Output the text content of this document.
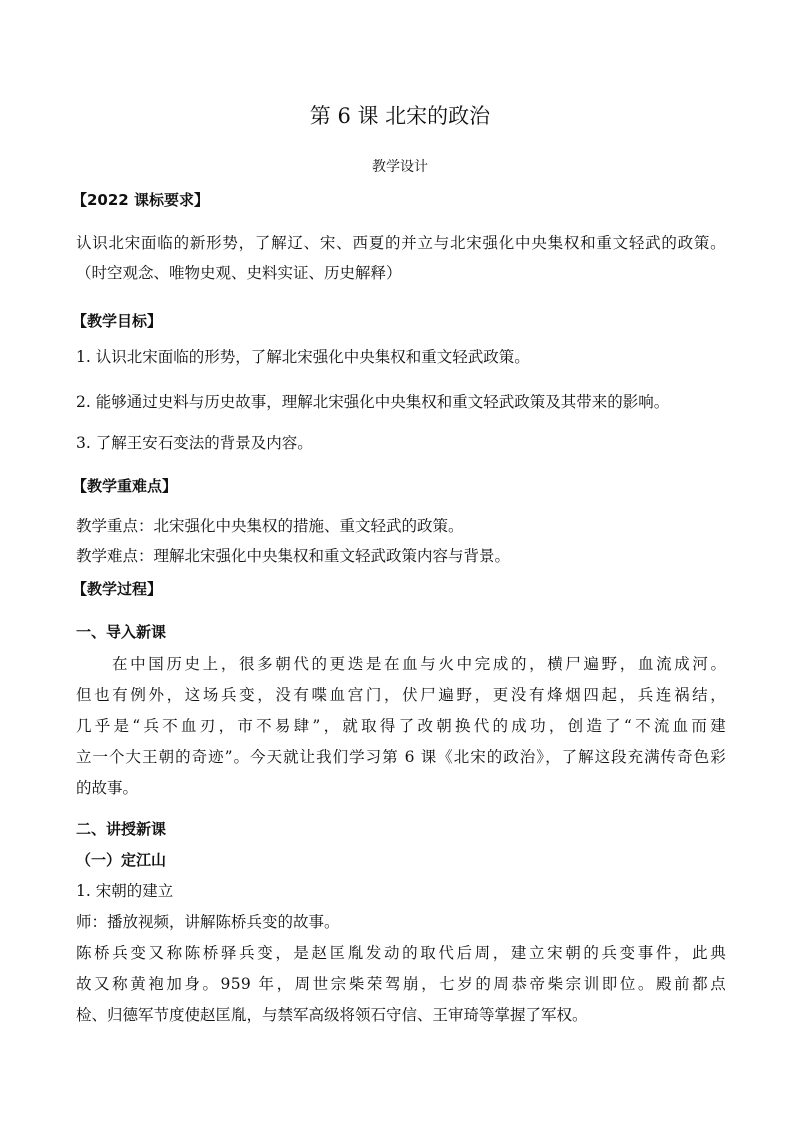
第 6 课 北宋的政治
教学设计
【2022 课标要求】
认识北宋面临的新形势，了解辽、宋、西夏的并立与北宋强化中央集权和重文轻武的政策。
（时空观念、唯物史观、史料实证、历史解释）
【教学目标】
1. 认识北宋面临的形势，了解北宋强化中央集权和重文轻武政策。
2. 能够通过史料与历史故事，理解北宋强化中央集权和重文轻武政策及其带来的影响。
3. 了解王安石变法的背景及内容。
【教学重难点】
教学重点：北宋强化中央集权的措施、重文轻武的政策。
教学难点：理解北宋强化中央集权和重文轻武政策内容与背景。
【教学过程】
一、导入新课
在中国历史上，很多朝代的更迭是在血与火中完成的，横尸遍野，血流成河。
但也有例外，这场兵变，没有喋血宫门，伏尸遍野，更没有烽烟四起，兵连祸结，
几乎是“兵不血刃，市不易肆”，就取得了改朝换代的成功，创造了“不流血而建
立一个大王朝的奇迹”。今天就让我们学习第 6 课《北宋的政治》，了解这段充满传奇色彩
的故事。
二、讲授新课
（一）定江山
1. 宋朝的建立
师：播放视频，讲解陈桥兵变的故事。
陈桥兵变又称陈桥驿兵变，是赵匡胤发动的取代后周，建立宋朝的兵变事件，此典
故又称黄袍加身。959 年，周世宗柴荣驾崩，七岁的周恭帝柴宗训即位。殿前都点
检、归德军节度使赵匡胤，与禁军高级将领石守信、王审琦等掌握了军权。
